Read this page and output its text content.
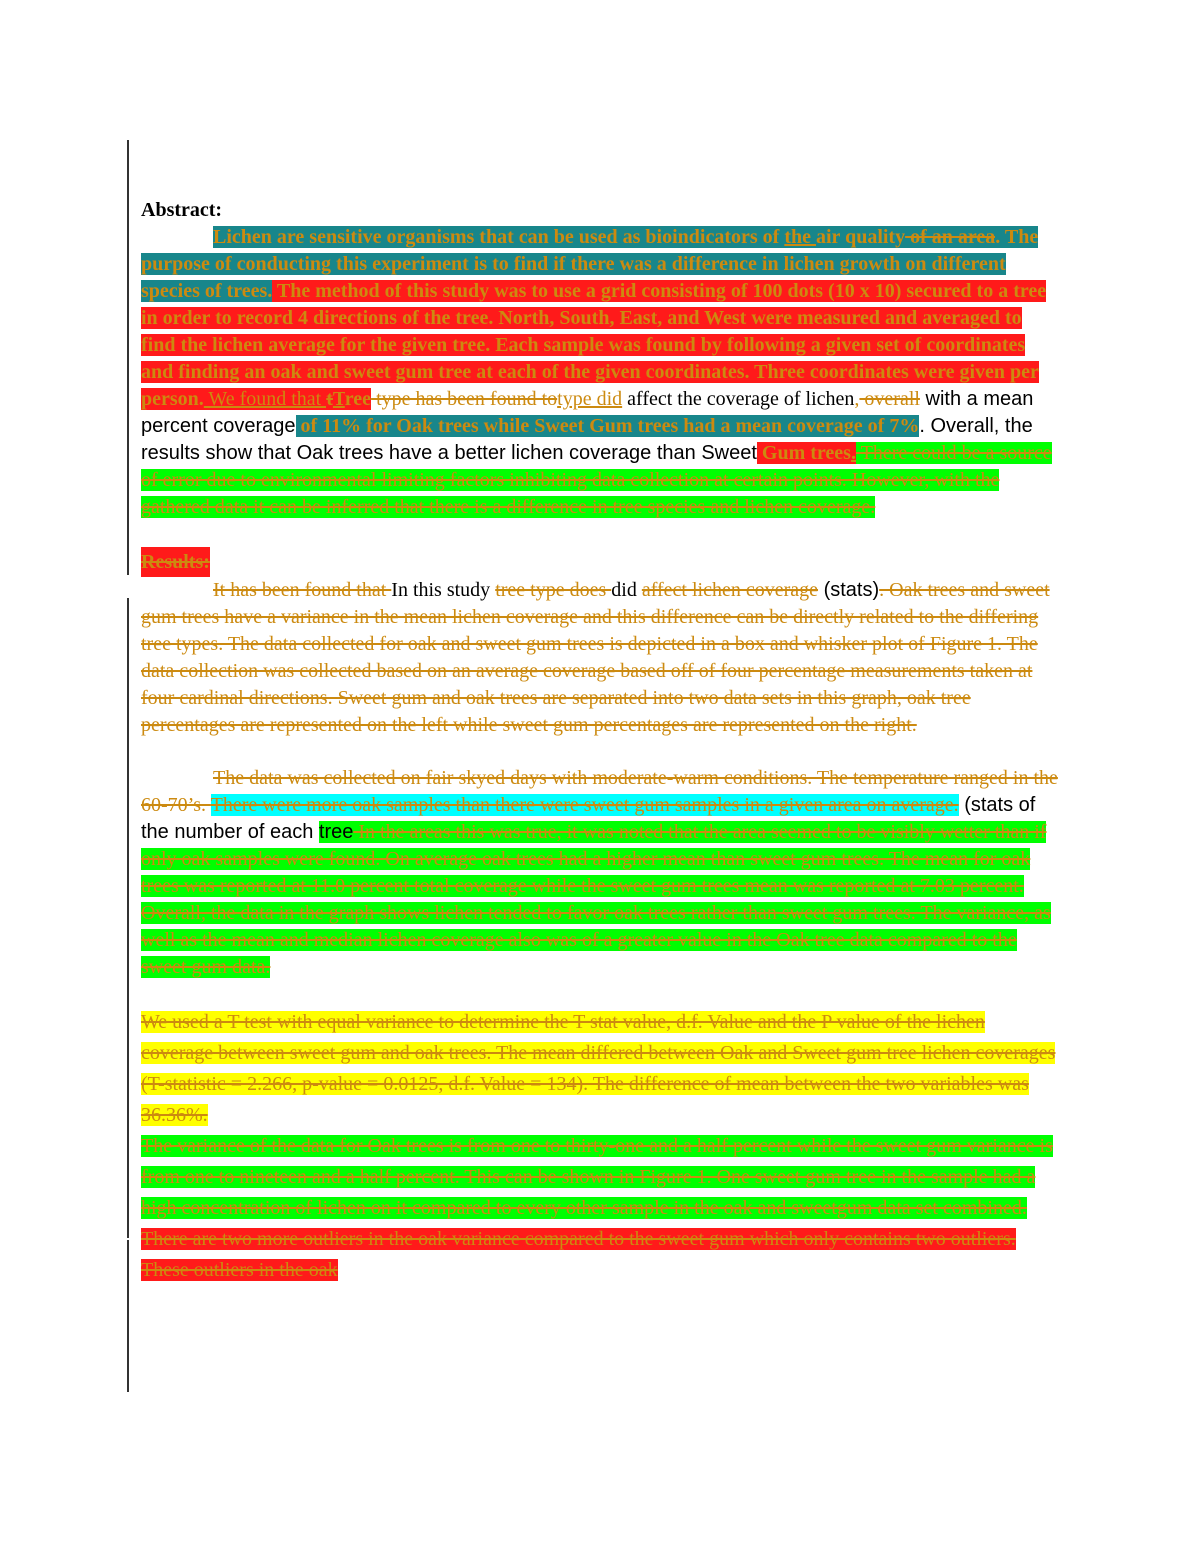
Abstract:

Lichen are sensitive organisms that can be used as bioindicators of the air quality of an area. The purpose of conducting this experiment is to find if there was a difference in lichen growth on different species of trees. The method of this study was to use a grid consisting of 100 dots (10 x 10) secured to a tree in order to record 4 directions of the tree. North, South, East, and West were measured and averaged to find the lichen average for the given tree. Each sample was found by following a given set of coordinates and finding an oak and sweet gum tree at each of the given coordinates. Three coordinates were given per person. We found that tTree type has been found totype did affect the coverage of lichen, overall with a mean percent coverage of 11% for Oak trees while Sweet Gum trees had a mean coverage of 7%. Overall, the results show that Oak trees have a better lichen coverage than Sweet Gum trees. There could be a source of error due to environmental limiting factors inhibiting data collection at certain points. However, with the gathered data it can be inferred that there is a difference in tree species and lichen coverage.

Results:

It has been found that In this study tree type does did affect lichen coverage (stats). Oak trees and sweet gum trees have a variance in the mean lichen coverage and this difference can be directly related to the differing tree types. The data collected for oak and sweet gum trees is depicted in a box and whisker plot of Figure 1. The data collection was collected based on an average coverage based off of four percentage measurements taken at four cardinal directions. Sweet gum and oak trees are separated into two data sets in this graph, oak tree percentages are represented on the left while sweet gum percentages are represented on the right.

The data was collected on fair skyed days with moderate-warm conditions. The temperature ranged in the 60-70’s. There were more oak samples than there were sweet gum samples in a given area on average. (stats of the number of each tree In the areas this was true, it was noted that the area seemed to be visibly wetter than if only oak samples were found. On average oak trees had a higher mean than sweet gum trees. The mean for oak trees was reported at 11.0 percent total coverage while the sweet gum trees mean was reported at 7.03 percent. Overall, the data in the graph shows lichen tended to favor oak trees rather than sweet gum trees. The variance, as well as the mean and median lichen coverage also was of a greater value in the Oak tree data compared to the sweet gum data.

We used a T test with equal variance to determine the T stat value, d.f. Value and the P value of the lichen coverage between sweet gum and oak trees. The mean differed between Oak and Sweet gum tree lichen coverages (T-statistic = 2.266, p-value = 0.0125, d.f. Value = 134). The difference of mean between the two variables was 36.36%.

The variance of the data for Oak trees is from one to thirty-one and a half percent while the sweet gum variance is from one to nineteen and a half percent. This can be shown in Figure 1. One sweet gum tree in the sample had a high concentration of lichen on it compared to every other sample in the oak and sweetgum data set combined. There are two more outliers in the oak variance compared to the sweet gum which only contains two outliers. These outliers in the oak
